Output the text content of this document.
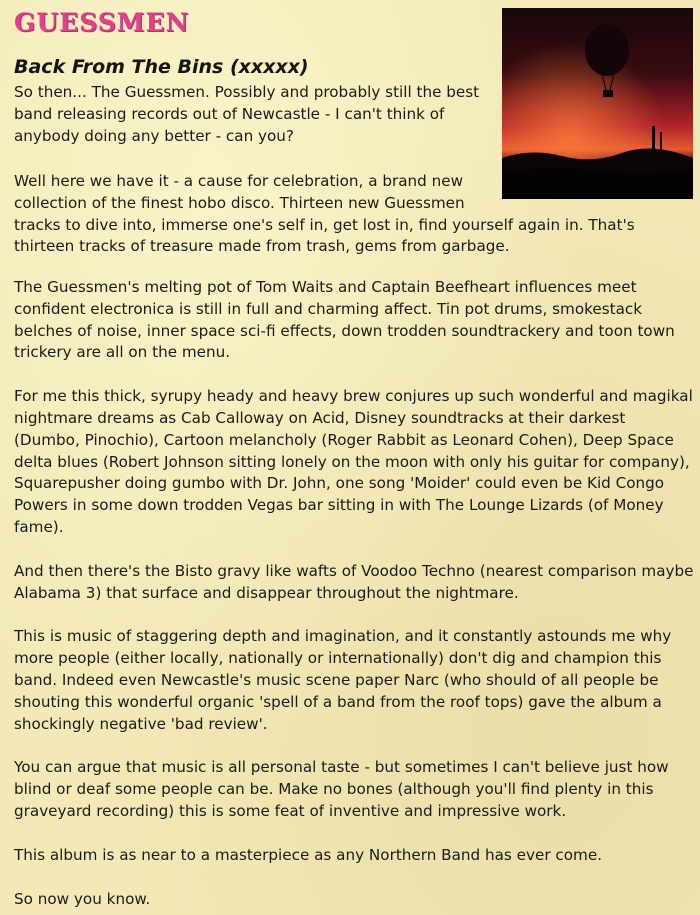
GUESSMEN
Back From The Bins (xxxxx)

So then... The Guessmen. Possibly and probably still the best band releasing records out of Newcastle - I can't think of anybody doing any better - can you?

Well here we have it - a cause for celebration, a brand new collection of the finest hobo disco. Thirteen new Guessmen
tracks to dive into, immerse one's self in, get lost in, find yourself again in. That's thirteen tracks of treasure made from trash, gems from garbage.

The Guessmen's melting pot of Tom Waits and Captain Beefheart influences meet confident electronica is still in full and charming affect. Tin pot drums, smokestack belches of noise, inner space sci-fi effects, down trodden soundtrackery and toon town trickery are all on the menu.

For me this thick, syrupy heady and heavy brew conjures up such wonderful and magikal nightmare dreams as Cab Calloway on Acid, Disney soundtracks at their darkest (Dumbo, Pinochio), Cartoon melancholy (Roger Rabbit as Leonard Cohen), Deep Space delta blues (Robert Johnson sitting lonely on the moon with only his guitar for company), Squarepusher doing gumbo with Dr. John, one song 'Moider' could even be Kid Congo Powers in some down trodden Vegas bar sitting in with The Lounge Lizards (of Money fame).

And then there's the Bisto gravy like wafts of Voodoo Techno (nearest comparison maybe Alabama 3) that surface and disappear throughout the nightmare.

This is music of staggering depth and imagination, and it constantly astounds me why more people (either locally, nationally or internationally) don't dig and champion this band. Indeed even Newcastle's music scene paper Narc (who should of all people be shouting this wonderful organic 'spell of a band from the roof tops) gave the album a shockingly negative 'bad review'.

You can argue that music is all personal taste - but sometimes I can't believe just how blind or deaf some people can be. Make no bones (although you'll find plenty in this graveyard recording) this is some feat of inventive and impressive work.

This album is as near to a masterpiece as any Northern Band has ever come.

So now you know.
